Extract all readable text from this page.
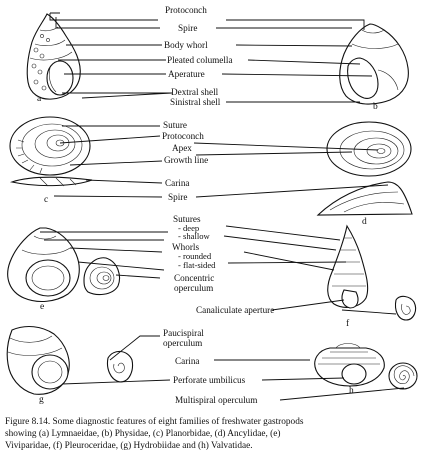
a
b
Protoconch
Spire
Body whorl
Pleated columella
Aperature
Dextral shell
Sinistral shell
c
d
Suture
Protoconch
Apex
Growth line
Carina
Spire
e
f
Sutures
- deep
- shallow
Whorls
- rounded
- flat-sided
Concentric
operculum
Canaliculate aperture
g
h
Paucispiral
operculum
Carina
Perforate umbilicus
Multispiral operculum
Figure 8.14. Some diagnostic features of eight families of freshwater gastropods
showing (a) Lymnaeidae, (b) Physidae, (c) Planorbidae, (d) Ancylidae, (e)
Viviparidae, (f) Pleuroceridae, (g) Hydrobiidae and (h) Valvatidae.
